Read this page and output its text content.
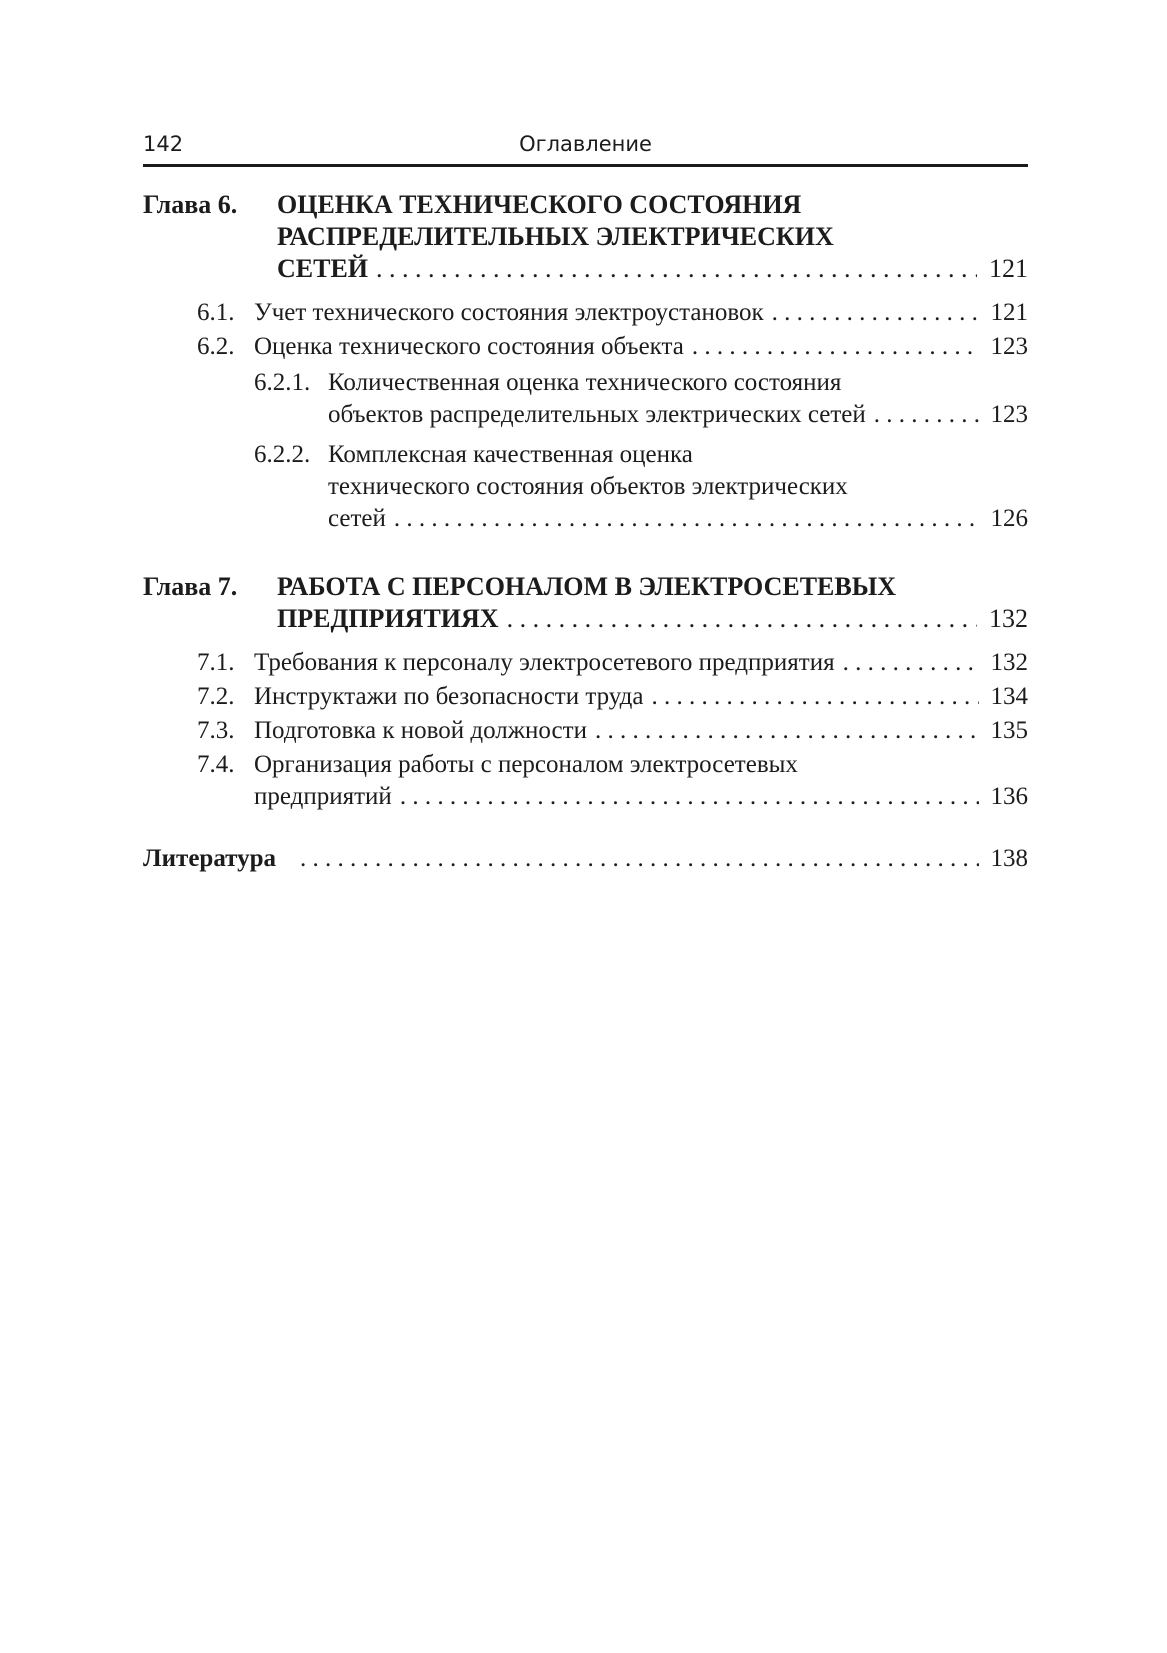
142	Оглавление
Глава 6. ОЦЕНКА ТЕХНИЧЕСКОГО СОСТОЯНИЯ
РАСПРЕДЕЛИТЕЛЬНЫХ ЭЛЕКТРИЧЕСКИХ
СЕТЕЙ . . .	121
6.1. Учет технического состояния электроустановок . . .	121
6.2. Оценка технического состояния объекта . . .	123
6.2.1. Количественная оценка технического состояния
объектов распределительных электрических сетей . . .	123
6.2.2. Комплексная качественная оценка
технического состояния объектов электрических
сетей . . .	126
Глава 7. РАБОТА С ПЕРСОНАЛОМ В ЭЛЕКТРОСЕТЕВЫХ
ПРЕДПРИЯТИЯХ . . .	132
7.1. Требования к персоналу электросетевого предприятия . . .	132
7.2. Инструктажи по безопасности труда . . .	134
7.3. Подготовка к новой должности . . .	135
7.4. Организация работы с персоналом электросетевых
предприятий . . .	136
Литература . . .	138
